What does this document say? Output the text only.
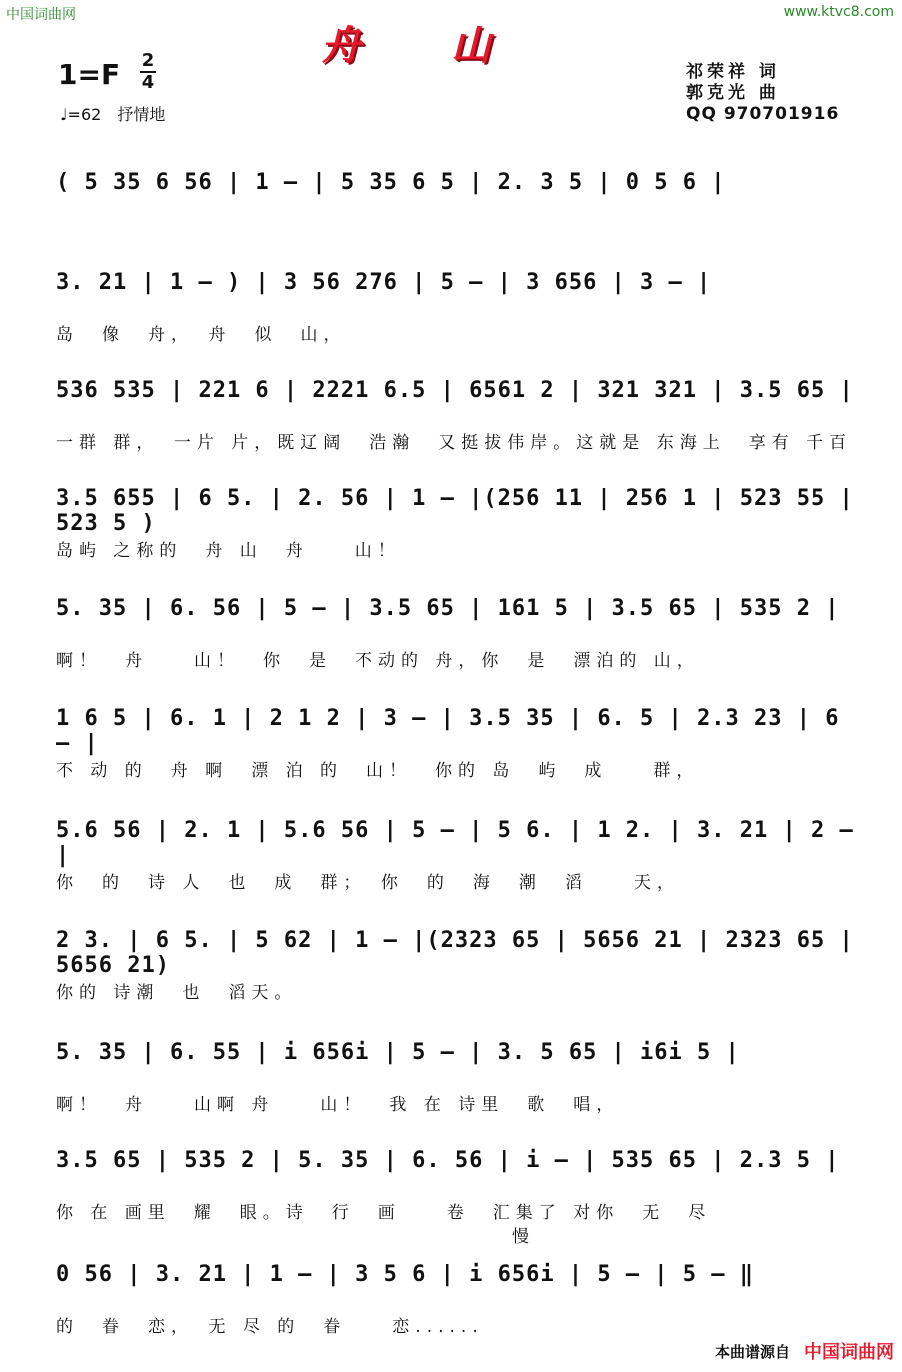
中国词曲网	www.ktvc8.com
舟山
1=F 2
4
♩=62　抒情地
祁荣祥 词
郭克光 曲
QQ 970701916
( 5 35 6 56 | 1 – | 5 35 6 5 | 2. 3 5 | 0 5 6 |
3. 21 | 1 – ) | 3 56 276 | 5 – | 3 656 | 3 – |
岛　像　舟，　舟　似　山，
536 535 | 221 6 | 2221 6.5 | 6561 2 | 321 321 | 3.5 65 |
一群 群，　一片 片，既辽阔　浩瀚　又挺拔伟岸。这就是 东海上　享有 千百
3.5 655 | 6 5. | 2. 56 | 1 – |(256 11 | 256 1 | 523 55 | 523 5 )
岛屿 之称的　舟 山　舟　　山！
5. 35 | 6. 56 | 5 – | 3.5 65 | 161 5 | 3.5 65 | 535 2 |
啊！　舟　　山！　你　是　不动的 舟，你　是　漂泊的 山，
1 6 5 | 6. 1 | 2 1 2 | 3 – | 3.5 35 | 6. 5 | 2.3 23 | 6 – |
不 动 的　舟 啊　漂 泊 的　山！　你的 岛　屿　成　　群，
5.6 56 | 2. 1 | 5.6 56 | 5 – | 5 6. | 1 2. | 3. 21 | 2 – |
你　的　诗 人　也　成　群；　你　的　海　潮　滔　　天，
2 3. | 6 5. | 5 62 | 1 – |(2323 65 | 5656 21 | 2323 65 | 5656 21)
你的 诗潮　也　滔天。
5. 35 | 6. 55 | i 656i | 5 – | 3. 5 65 | i6i 5 |
啊！　舟　　山啊 舟　　山！　我 在 诗里　歌　唱，
3.5 65 | 535 2 | 5. 35 | 6. 56 | i – | 535 65 | 2.3 5 |
你 在 画里　耀　眼。诗　行　画　　卷　汇集了 对你　无　尽
0 56 | 3. 21 | 1 – | 3 5 6 | i 656i | 5 – | 5 – ‖
的　眷　恋，　无 尽 的　眷　　恋......
慢
本曲谱源自 中国词曲网
